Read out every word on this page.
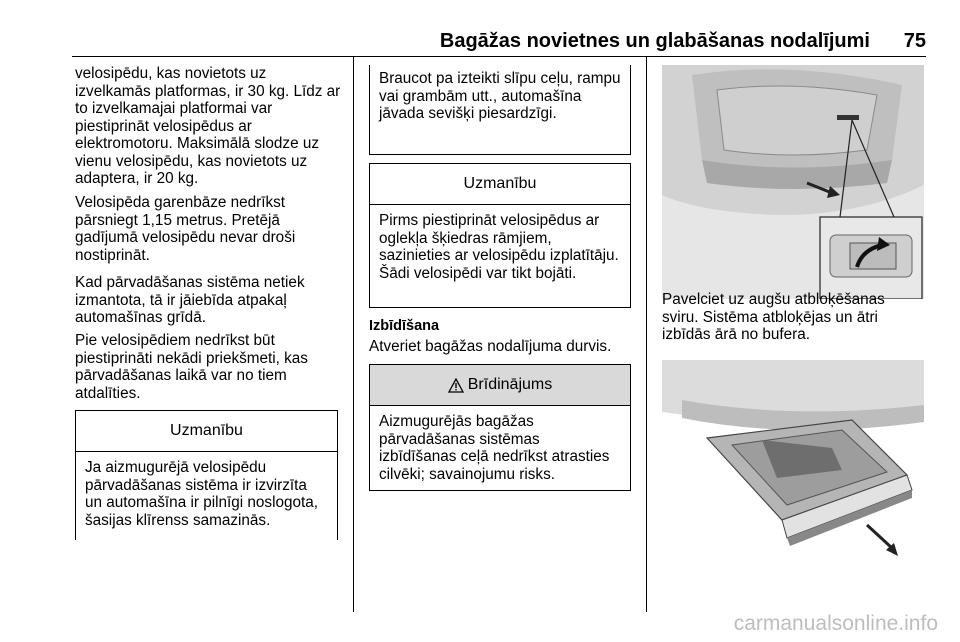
Bagāžas novietnes un glabāšanas nodalījumi 75

velosipēdu, kas novietots uz izvelkamās platformas, ir 30 kg. Līdz ar to izvelkamajai platformai var piestiprināt velosipēdus ar elektromotoru. Maksimālā slodze uz vienu velosipēdu, kas novietots uz adaptera, ir 20 kg.

Velosipēda garenbāze nedrīkst pārsniegt 1,15 metrus. Pretējā gadījumā velosipēdu nevar droši nostiprināt.

Kad pārvadāšanas sistēma netiek izmantota, tā ir jāiebīda atpakaļ automašīnas grīdā.

Pie velosipēdiem nedrīkst būt piestiprināti nekādi priekšmeti, kas pārvadāšanas laikā var no tiem atdalīties.

Uzmanību
Ja aizmugurējā velosipēdu pārvadāšanas sistēma ir izvirzīta un automašīna ir pilnīgi noslogota, šasijas klīrenss samazinās.
Braucot pa izteikti slīpu ceļu, rampu vai grambām utt., automašīna jāvada sevišķi piesardzīgi.
Uzmanību
Pirms piestiprināt velosipēdus ar oglekļa šķiedras rāmjiem, sazinieties ar velosipēdu izplatītāju. Šādi velosipēdi var tikt bojāti.
Izbīdīšana

Atveriet bagāžas nodalījuma durvis.

Brīdinājums
Aizmugurējās bagāžas pārvadāšanas sistēmas izbīdīšanas ceļā nedrīkst atrasties cilvēki; savainojumu risks.

Pavelciet uz augšu atbloķēšanas sviru. Sistēma atbloķējas un ātri izbīdās ārā no bufera.

carmanualsonline.info
